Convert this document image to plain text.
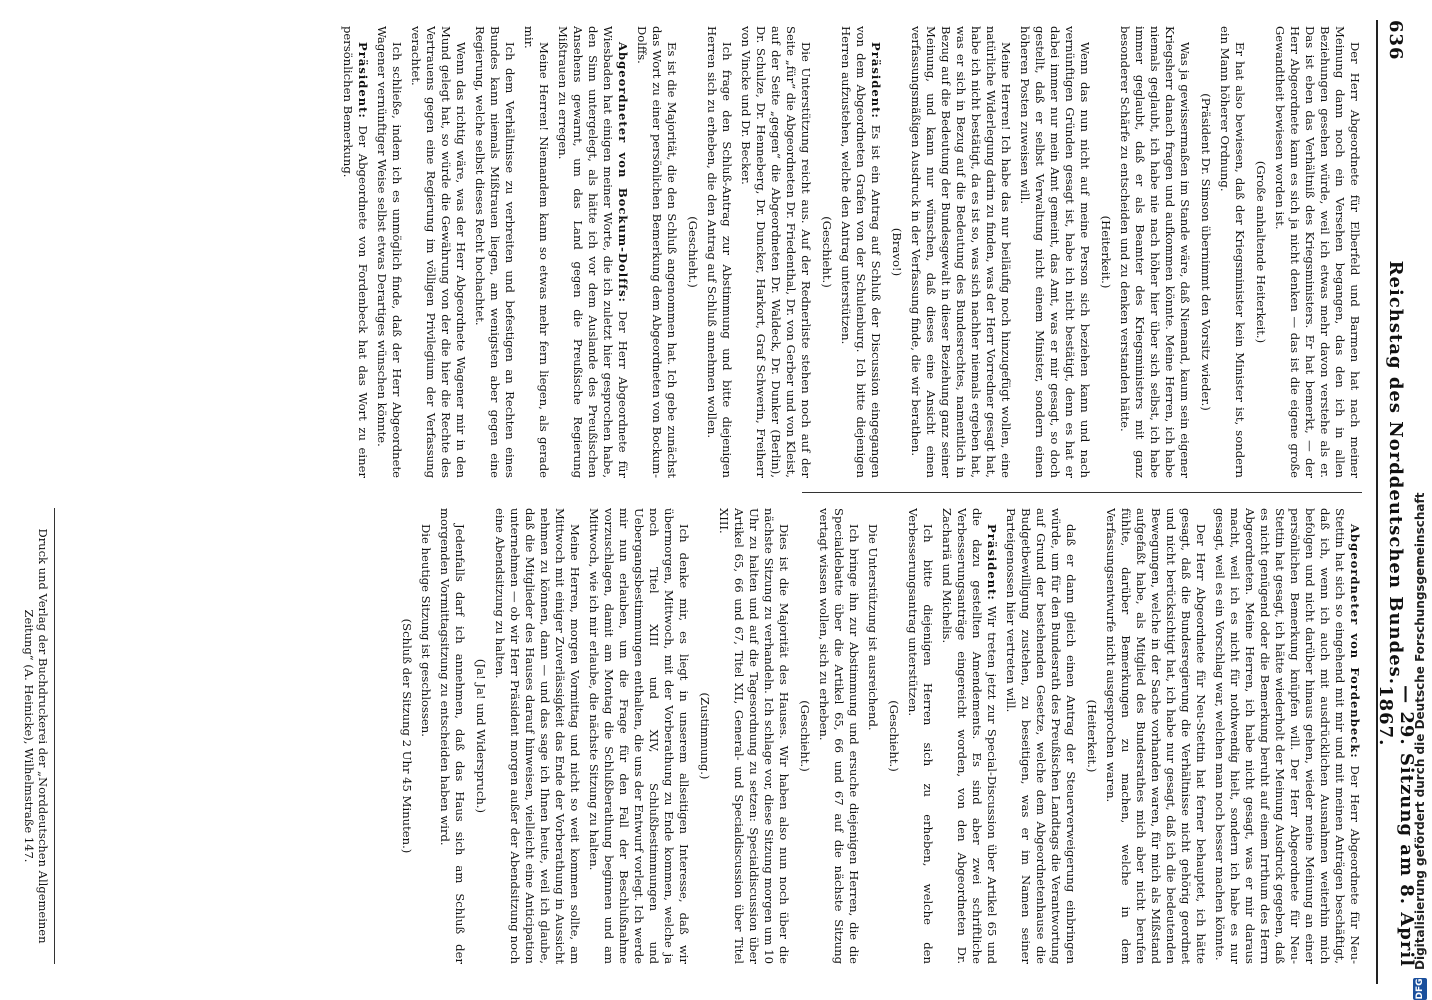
636
Reichstag des Norddeutschen Bundes.
— 29. Sitzung am 8. April 1867.

Der Herr Abgeordnete für Elberfeld und Barmen hat nach meiner Meinung dann noch ein Versehen begangen, das den ich in allen Beziehungen gesehen würde, weil ich etwas mehr davon verstehe als er. Das ist eben das Verhältniß des Kriegsministers. Er hat bemerkt, — der Herr Abgeordnete kann es sich ja nicht denken — das ist die eigene große Gewandtheit bewiesen worden ist.

(Große anhaltende Heiterkeit.)

Er hat also bewiesen, daß der Kriegsminister kein Minister ist, sondern ein Mann höherer Ordnung.

(Präsident Dr. Simson übernimmt den Vorsitz wieder.)

Was ja gewissermaßen im Stande wäre, daß Niemand, kaum sein eigener Kriegsherr danach fragen und aufkommen könnte. Meine Herren, ich habe niemals geglaubt, ich habe nie nach höher hier über sich selbst, ich habe immer geglaubt, daß er als Beamter des Kriegsministers mit ganz besonderer Schärfe zu entscheiden und zu denken verstanden hätte.

(Heiterkeit.)

Wenn das nun nicht auf meine Person sich beziehen kann und nach vernünftigen Gründen gesagt ist, habe ich nicht bestätigt, denn es hat er dabei immer nur mein Amt gemeint, das Amt, was er mir gesagt, so doch gestellt, daß er selbst Verwaltung nicht einem Minister, sondern einen höheren Posten zuweisen will.

Meine Herren! Ich habe das nur beiläufig noch hinzugefügt wollen, eine natürliche Widerlegung darin zu finden, was der Herr Vorredner gesagt hat, habe ich nicht bestätigt, da es ist so, was sich nachher niemals ergeben hat, was er sich in Bezug auf die Bedeutung des Bundesrechtes, namentlich in Bezug auf die Bedeutung der Bundesgewalt in dieser Beziehung ganz seiner Meinung, und kann nur wünschen, daß dieses eine Ansicht einen verfassungsmäßigen Ausdruck in der Verfassung finde, die wir berathen.

(Bravo!)

Präsident: Es ist ein Antrag auf Schluß der Discussion eingegangen von dem Abgeordneten Grafen von der Schulenburg. Ich bitte diejenigen Herren aufzustehen, welche den Antrag unterstützen.

(Geschieht.)

Die Unterstützung reicht aus. Auf der Rednerliste stehen noch auf der Seite „für“ die Abgeordneten Dr. Friedenthal, Dr. von Gerber und von Kleist, auf der Seite „gegen“ die Abgeordneten Dr. Waldeck, Dr. Dunker (Berlin), Dr. Schulze, Dr. Henneberg, Dr. Duncker, Harkort, Graf Schwerin, Freiherr von Vincke und Dr. Becker.

Ich frage den Schluß-Antrag zur Abstimmung und bitte diejenigen Herren sich zu erheben, die den Antrag auf Schluß annehmen wollen.

(Geschieht.)

Es ist die Majorität, die den Schluß angenommen hat. Ich gebe zunächst das Wort zu einer persönlichen Bemerkung dem Abgeordneten von Bockum-Dolffs.

Abgeordneter von Bockum-Dolffs: Der Herr Abgeordnete für Wiesbaden hat einigen meiner Worte, die ich zuletzt hier gesprochen habe, den Sinn untergelegt, als hätte ich vor dem Auslande des Preußischen Ansehens gewarnt, um das Land gegen die Preußische Regierung Mißtrauen zu erregen.

Meine Herren! Niemandem kann so etwas mehr fern liegen, als gerade mir.

Ich dem Verhältnisse zu verbreiten und befestigen an Rechten eines Bundes kann niemals Mißtrauen liegen, am wenigsten aber gegen eine Regierung, welche selbst dieses Recht hochachtet.

Wenn das richtig wäre, was der Herr Abgeordnete Wagener mir in den Mund gelegt hat, so würde die Gewährung von der die hier die Rechte des Vertrauens gegen eine Regierung im völligen Privilegium der Verfassung verachtet.

Ich schließe, indem ich es unmöglich finde, daß der Herr Abgeordnete Wagener vernünftiger Weise selbst etwas Derartiges wünschen könnte.

Präsident: Der Abgeordnete von Fordenbeck hat das Wort zu einer persönlichen Bemerkung.

Abgeordneter von Fordenbeck: Der Herr Abgeordnete für Neu-Stettin hat sich so eingehend mit mir und mit meinen Anträgen beschäftigt, daß ich, wenn ich auch mit ausdrücklichen Ausnahmen weiterhin mich befolgen und nicht darüber hinaus gehen, wieder meine Meinung an einer persönlichen Bemerkung knüpfen will. Der Herr Abgeordnete für Neu-Stettin hat gesagt, ich hätte wiederholt der Meinung Ausdruck gegeben, daß es nicht genügend oder die Bemerkung beruht auf einem Irrthum des Herrn Abgeordneten. Meine Herren, ich habe nicht gesagt, was er mir daraus macht, weil ich es nicht für nothwendig hielt, sondern ich habe es nur gesagt, weil es ein Vorschlag war, welchen man noch besser machen könnte.

Der Herr Abgeordnete für Neu-Stettin hat ferner behauptet, ich hätte gesagt, daß die Bundesregierung die Verhältnisse nicht gehörig geordnet und nicht berücksichtigt hat, ich habe nur gesagt, daß ich die bedeutenden Bewegungen, welche in der Sache vorhanden waren, für mich als Mißstand aufgefaßt habe, als Mitglied des Bundesrathes mich aber nicht berufen fühlte, darüber Bemerkungen zu machen, welche in dem Verfassungsentwurfe nicht ausgesprochen waren.

(Heiterkeit.)

daß er dann gleich einen Antrag der Steuerverweigerung einbringen würde, um für den Bundesrath des Preußischen Landtags die Verantwortung auf Grund der bestehenden Gesetze, welche dem Abgeordnetenhause die Budgetbewilligung zustehen, zu beseitigen, was er im Namen seiner Parteigenossen hier vertreten will.

Präsident: Wir treten jetzt zur Special-Discussion über Artikel 65 und die dazu gestellten Amendements. Es sind aber zwei schriftliche Verbesserungsanträge eingereicht worden, von den Abgeordneten Dr. Zachariä und Michelis.

Ich bitte diejenigen Herren sich zu erheben, welche den Verbesserungsantrag unterstützen.

(Geschieht.)

Die Unterstützung ist ausreichend.

Ich bringe ihn zur Abstimmung und ersuche diejenigen Herren, die die Specialdebatte über die Artikel 65, 66 und 67 auf die nächste Sitzung vertagt wissen wollen, sich zu erheben.

(Geschieht.)

Dies ist die Majorität des Hauses. Wir haben also nun noch über die nächste Sitzung zu verhandeln. Ich schlage vor, diese Sitzung morgen um 10 Uhr zu halten und auf die Tagesordnung zu setzen: Specialdiscussion über Artikel 65, 66 und 67, Titel XII, General- und Specialdiscussion über Titel XIII.

(Zustimmung.)

Ich denke mir, es liegt in unserem allseitigen Interesse, daß wir übermorgen, Mittwoch, mit der Vorberathung zu Ende kommen, welche ja noch Titel XIII und XIV, Schlußbestimmungen und Uebergangsbestimmungen enthalten, die uns der Entwurf vorlegt. Ich werde mir nun erlauben, um die Frage für den Fall der Beschlußnahme vorzuschlagen, damit am Montag die Schlußberathung beginnen und am Mittwoch, wie ich mir erlaube, die nächste Sitzung zu halten.

Meine Herren, morgen Vormittag und nicht so weit kommen sollte, am Mittwoch mit einiger Zuverlässigkeit das Ende der Vorberathung in Aussicht nehmen zu können, dann — und das sage ich Ihnen heute, weil ich glaube, daß die Mitglieder des Hauses darauf hinweisen, vielleicht eine Anticipation unternehmen — ob wir Herr Präsident morgen außer der Abendsitzung noch eine Abendsitzung zu halten.

(Ja! Ja! und Widerspruch.)

Jedenfalls darf ich annehmen, daß das Haus sich am Schluß der morgenden Vormittagsitzung zu entscheiden haben wird.

Die heutige Sitzung ist geschlossen.

(Schluß der Sitzung 2 Uhr 45 Minuten.)

Druck und Verlag der Buchdruckerei der „Norddeutschen Allgemeinen Zeitung“ (A. Heinicke), Wilhelmstraße 147.
DFG
Digitalisierung gefördert durch die Deutsche Forschungsgemeinschaft
